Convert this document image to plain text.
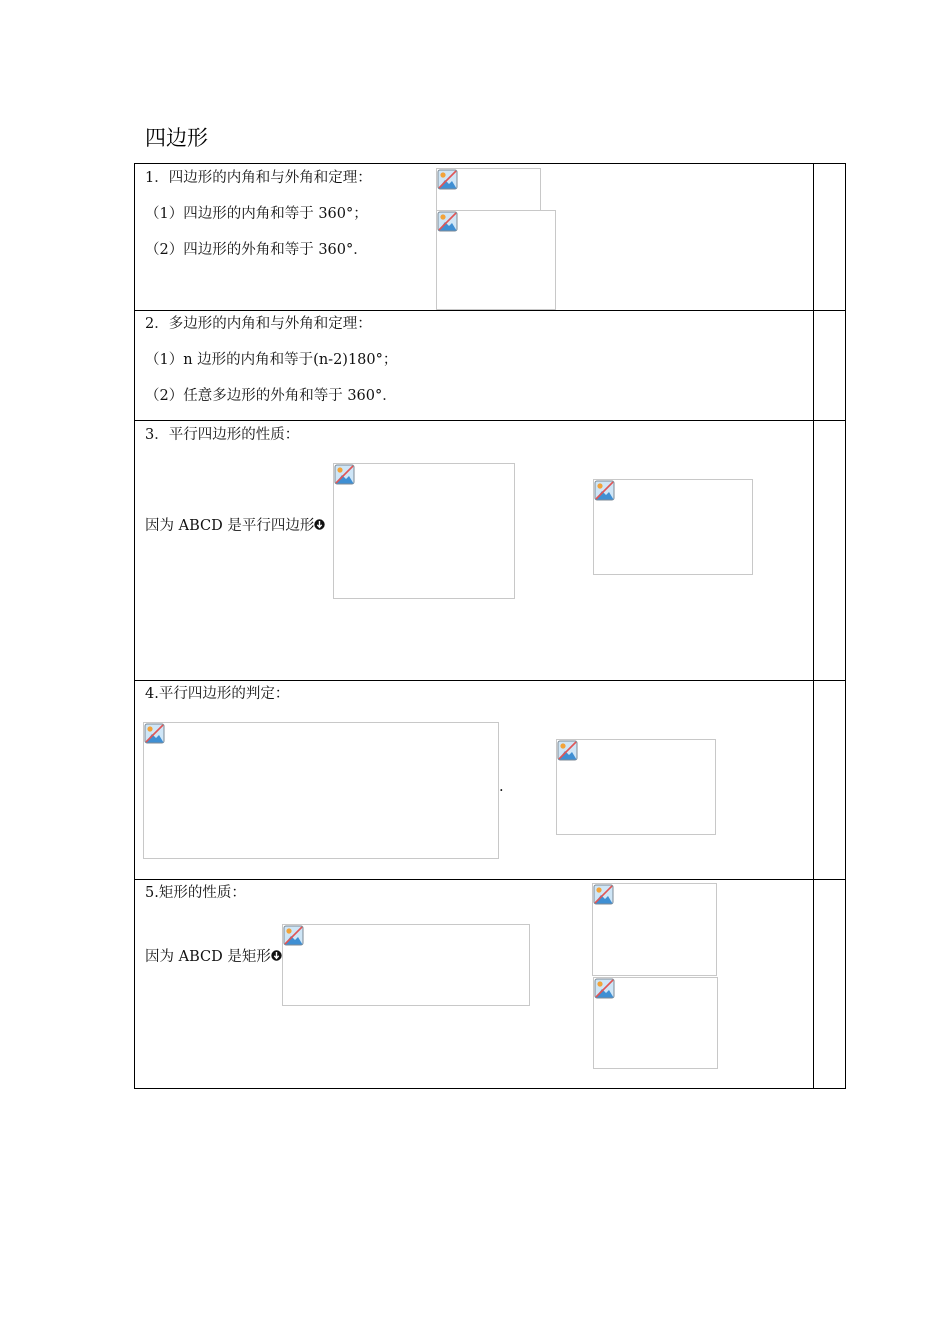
四边形
1．四边形的内角和与外角和定理：
（1）四边形的内角和等于 360°；
（2）四边形的外角和等于 360°．
2．多边形的内角和与外角和定理：
（1）n 边形的内角和等于(n-2)180°；
（2）任意多边形的外角和等于 360°．
3．平行四边形的性质：
因为 ABCD 是平行四边形
4.平行四边形的判定：
.
5.矩形的性质：
因为 ABCD 是矩形
